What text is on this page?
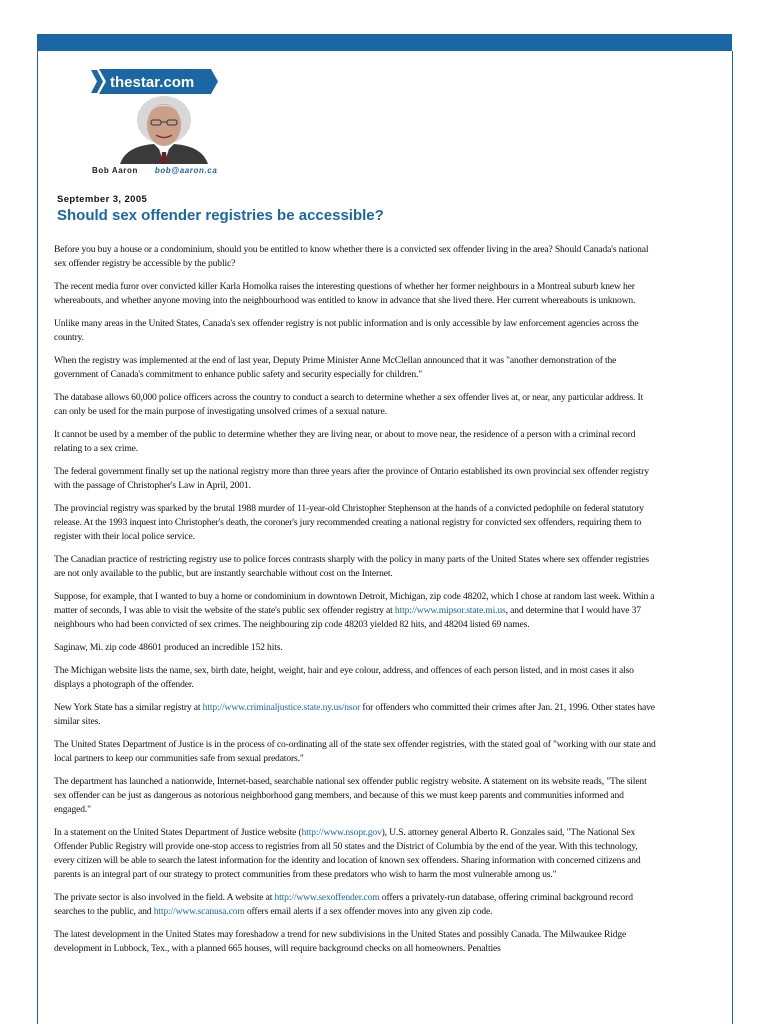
thestar.com
Bob Aaron bob@aaron.ca
September 3, 2005
Should sex offender registries be accessible?

Before you buy a house or a condominium, should you be entitled to know whether there is a convicted sex offender living in the area? Should Canada's national sex offender registry be accessible by the public?

The recent media furor over convicted killer Karla Homolka raises the interesting questions of whether her former neighbours in a Montreal suburb knew her whereabouts, and whether anyone moving into the neighbourhood was entitled to know in advance that she lived there. Her current whereabouts is unknown.

Unlike many areas in the United States, Canada's sex offender registry is not public information and is only accessible by law enforcement agencies across the country.

When the registry was implemented at the end of last year, Deputy Prime Minister Anne McClellan announced that it was "another demonstration of the government of Canada's commitment to enhance public safety and security especially for children."

The database allows 60,000 police officers across the country to conduct a search to determine whether a sex offender lives at, or near, any particular address. It can only be used for the main purpose of investigating unsolved crimes of a sexual nature.

It cannot be used by a member of the public to determine whether they are living near, or about to move near, the residence of a person with a criminal record relating to a sex crime.

The federal government finally set up the national registry more than three years after the province of Ontario established its own provincial sex offender registry with the passage of Christopher's Law in April, 2001.

The provincial registry was sparked by the brutal 1988 murder of 11-year-old Christopher Stephenson at the hands of a convicted pedophile on federal statutory release. At the 1993 inquest into Christopher's death, the coroner's jury recommended creating a national registry for convicted sex offenders, requiring them to register with their local police service.

The Canadian practice of restricting registry use to police forces contrasts sharply with the policy in many parts of the United States where sex offender registries are not only available to the public, but are instantly searchable without cost on the Internet.

Suppose, for example, that I wanted to buy a home or condominium in downtown Detroit, Michigan, zip code 48202, which I chose at random last week. Within a matter of seconds, I was able to visit the website of the state's public sex offender registry at http://www.mipsor.state.mi.us, and determine that I would have 37 neighbours who had been convicted of sex crimes. The neighbouring zip code 48203 yielded 82 hits, and 48204 listed 69 names.

Saginaw, Mi. zip code 48601 produced an incredible 152 hits.

The Michigan website lists the name, sex, birth date, height, weight, hair and eye colour, address, and offences of each person listed, and in most cases it also displays a photograph of the offender.

New York State has a similar registry at http://www.criminaljustice.state.ny.us/nsor for offenders who committed their crimes after Jan. 21, 1996. Other states have similar sites.

The United States Department of Justice is in the process of co-ordinating all of the state sex offender registries, with the stated goal of "working with our state and local partners to keep our communities safe from sexual predators."

The department has launched a nationwide, Internet-based, searchable national sex offender public registry website. A statement on its website reads, "The silent sex offender can be just as dangerous as notorious neighborhood gang members, and because of this we must keep parents and communities informed and engaged."

In a statement on the United States Department of Justice website (http://www.nsopr.gov), U.S. attorney general Alberto R. Gonzales said, "The National Sex Offender Public Registry will provide one-stop access to registries from all 50 states and the District of Columbia by the end of the year. With this technology, every citizen will be able to search the latest information for the identity and location of known sex offenders. Sharing information with concerned citizens and parents is an integral part of our strategy to protect communities from these predators who wish to harm the most vulnerable among us."

The private sector is also involved in the field. A website at http://www.sexoffender.com offers a privately-run database, offering criminal background record searches to the public, and http://www.scanusa.com offers email alerts if a sex offender moves into any given zip code.

The latest development in the United States may foreshadow a trend for new subdivisions in the United States and possibly Canada. The Milwaukee Ridge development in Lubbock, Tex., with a planned 665 houses, will require background checks on all homeowners. Penalties
